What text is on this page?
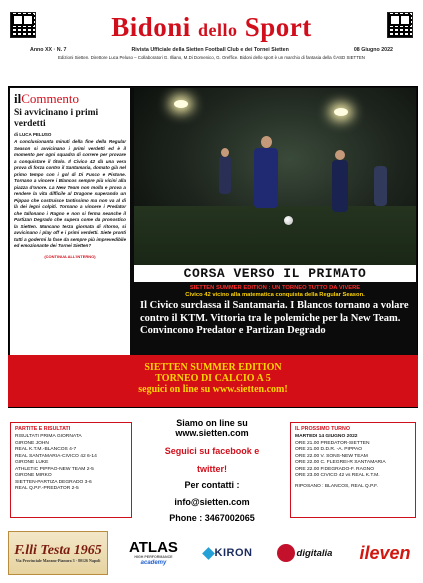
Bidoni dello Sport
Anno XX · N. 7	Rivista Ufficiale della Sietten Football Club e dei Tornei Sietten	08 Giugno 2022
Edizioni Sietten. Direttore Luca Peluso – Collaboratori G. Illiano, M.Di Domenico, G. Oreffice. Bidoni dello sport è un marchio di fantasia della ©ASD SIETTEN
ilCommento
Si avvicinano i primi verdetti
di LUCA PELUSO
A conclusionanta minuti della fine della Regular Season si avvicinano i primi verdetti ed è il momento per ogni squadra di correre per provare a conquistare il titolo. Il Civico 42 dà una vera prova di forza contro il Santamaria, domato già nel primo tempo con i gol di Di Fusco e Pistone. Tornano a vincere i Blancos sempre più vicini alla piazza d'onore. La New Team non molla e prova a rendere la vita difficile al Dragone superando un Pippao che costruisce tantissimo ma non va al di là dei legni colpiti. Tornano a vincere i Predator che tallonano i Ragno e non si ferma neanche il Partizan Degrado che supera come da pronostico la Sietten. Mancano terza giornata di ritorno, si avvicinano i play off e i primi verdetti. Siete pronti tutti a godermi la fase da sempre più imprevedibile ed emozionante dei Tornei Sietten?
(CONTINUA ALL'INTERNO)
CORSA VERSO IL PRIMATO
SIETTEN SUMMER EDITION : UN TORNEO TUTTO DA VIVERE
Civico 42 vicino alla matematica conquista della Regular Season.
Il Civico surclassa il Santamaria. I Blancos tornano a volare contro il KTM. Vittoria tra le polemiche per la New Team. Convincono Predator e Partizan Degrado
SIETTEN SUMMER EDITION
TORNEO DI CALCIO A 5
seguici on line su www.sietten.com!
PARTITE E RISULTATI
RISULTATI PRIMA GIORNATA
GIRONE JOHN
REAL K.T.M.-BLANCOS 4-7
REAL SANTAMARIA-CIVICO 42 6-14
GIRONE LUKE
ATHLETIC PIPPAO-NEW TEAM 2-5
GIRONE MIRKO
SIETTEN-PARTIZA DEGRADO 3-6
REAL Q.P.F.-PREDATOR 2-5
Siamo on line su
www.sietten.com
Seguici su facebook e
twitter!
Per contatti :
info@sietten.com
Phone : 3467002065
IL PROSSIMO TURNO
MARTEDI 14 GIUGNO 2022
ORE 21.00 PREDATOR-SIETTEN
ORE 21.00 D.D.R. -A. PIPPAO
ORE 22.00 V. SONS-NEW TEAM
ORE 22.00 C. FLEGREI-R SANTAMARIA
ORE 22.00 P.DEGRADO-F. RAGNO
ORE 23.00 CIVICO 42 vs REAL K.T.M.
RIPOSANO : BLANCOS, REAL Q.P.F.
F.lli Testa 1965
Via Provinciale Marano-Pianura 3 · 80126 Napoli
ATLAS
HIGH PERFORMANCE
academy
KIRON	digitalia ileven
